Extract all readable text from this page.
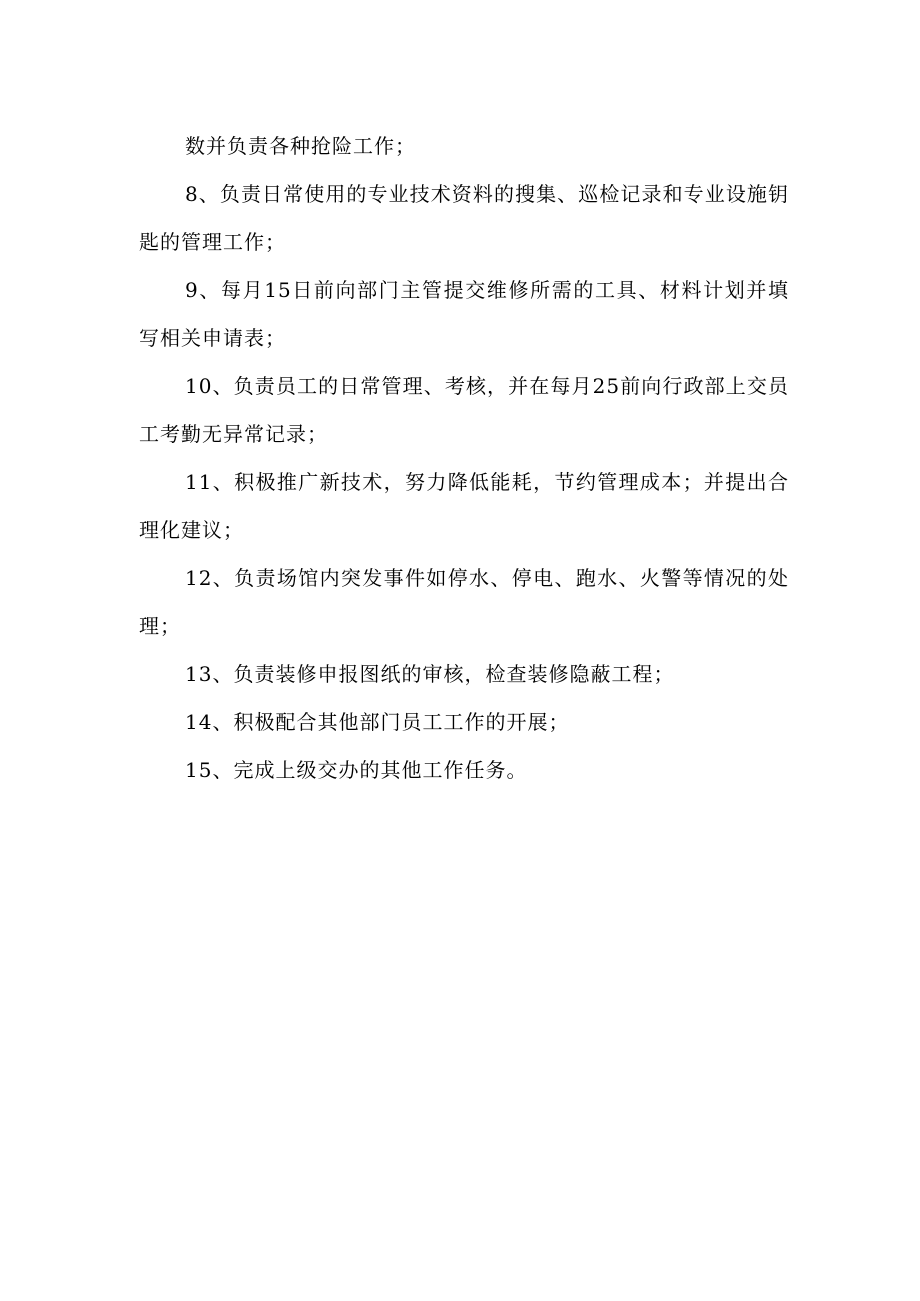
数并负责各种抢险工作；

8、负责日常使用的专业技术资料的搜集、巡检记录和专业设施钥匙的管理工作；

9、每月15日前向部门主管提交维修所需的工具、材料计划并填写相关申请表；

10、负责员工的日常管理、考核，并在每月25前向行政部上交员工考勤无异常记录；

11、积极推广新技术，努力降低能耗，节约管理成本；并提出合理化建议；

12、负责场馆内突发事件如停水、停电、跑水、火警等情况的处理；

13、负责装修申报图纸的审核，检查装修隐蔽工程；

14、积极配合其他部门员工工作的开展；

15、完成上级交办的其他工作任务。
